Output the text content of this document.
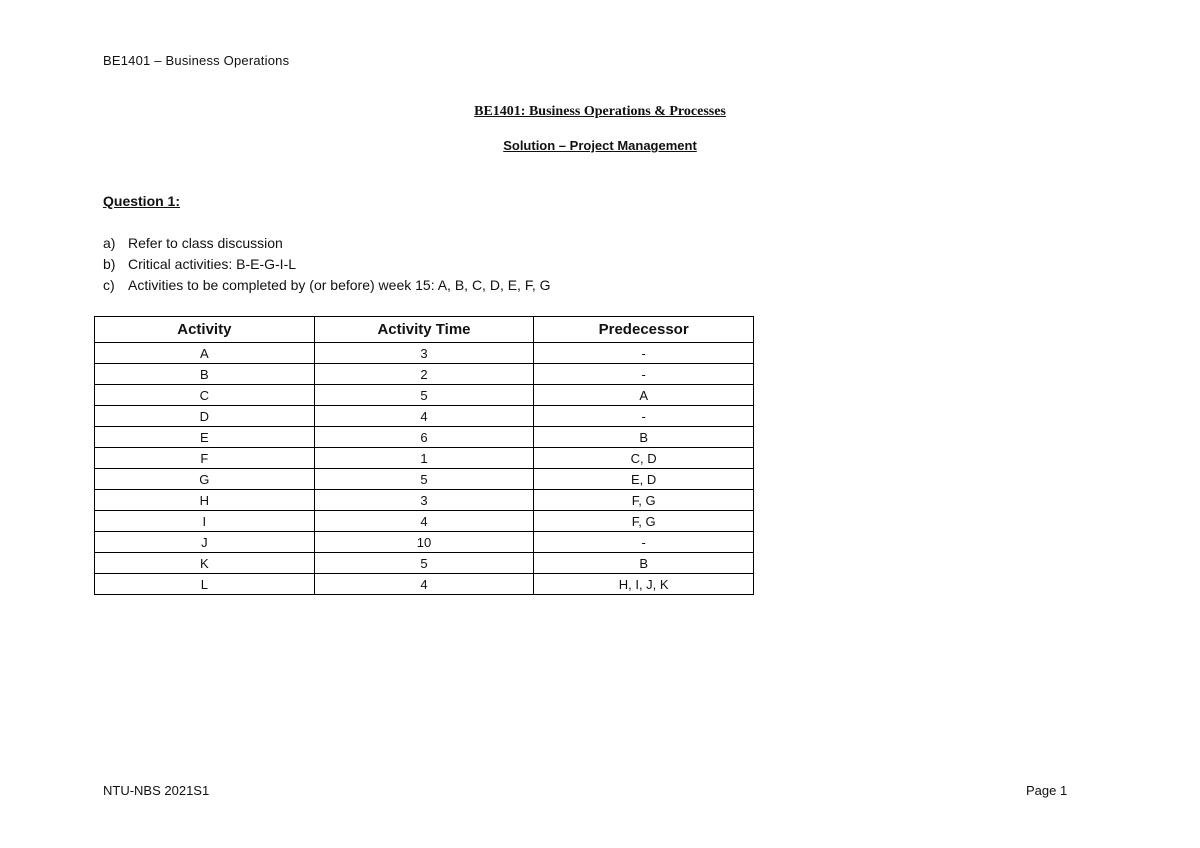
BE1401 – Business Operations
BE1401: Business Operations & Processes
Solution – Project Management
Question 1:
a) Refer to class discussion
b) Critical activities: B-E-G-I-L
c) Activities to be completed by (or before) week 15: A, B, C, D, E, F, G
Activity	Activity Time	Predecessor
A	3	-
B	2	-
C	5	A
D	4	-
E	6	B
F	1	C, D
G	5	E, D
H	3	F, G
I	4	F, G
J	10	-
K	5	B
L	4	H, I, J, K
NTU-NBS 2021S1	Page 1
